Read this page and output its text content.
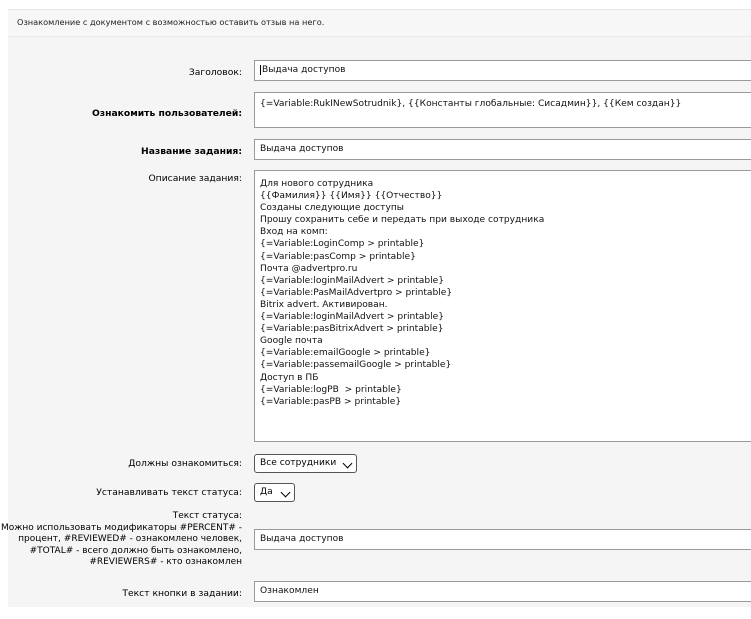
Ознакомление с документом с возможностью оставить отзыв на него.
Заголовок:	Выдача доступов
Ознакомить пользователей:
{=Variable:RukINewSotrudnik}, {{Константы глобальные: Сисадмин}}, {{Кем создан}}
Название задания:	Выдача доступов
Описание задания: Для нового сотрудника
{{Фамилия}} {{Имя}} {{Отчество}}
Созданы следующие доступы
Прошу сохранить себе и передать при выходе сотрудника
Вход на комп:
{=Variable:LoginComp > printable}
{=Variable:pasComp > printable}
Почта @advertpro.ru
{=Variable:loginMailAdvert > printable}
{=Variable:PasMailAdvertpro > printable}
Bitrix advert. Активирован.
{=Variable:loginMailAdvert > printable}
{=Variable:pasBitrixAdvert > printable}
Google почта
{=Variable:emailGoogle > printable}
{=Variable:passemailGoogle > printable}
Доступ в ПБ
{=Variable:logPB  > printable}
{=Variable:pasPB > printable}
Должны ознакомиться:	Все сотрудники
Устанавливать текст статуса:	Да
Текст статуса:
Можно использовать модификаторы #PERCENT# -
процент, #REVIEWED# - ознакомлено человек,
#TOTAL# - всего должно быть ознакомлено,
#REVIEWERS# - кто ознакомлен
Выдача доступов
Текст кнопки в задании:	Ознакомлен
